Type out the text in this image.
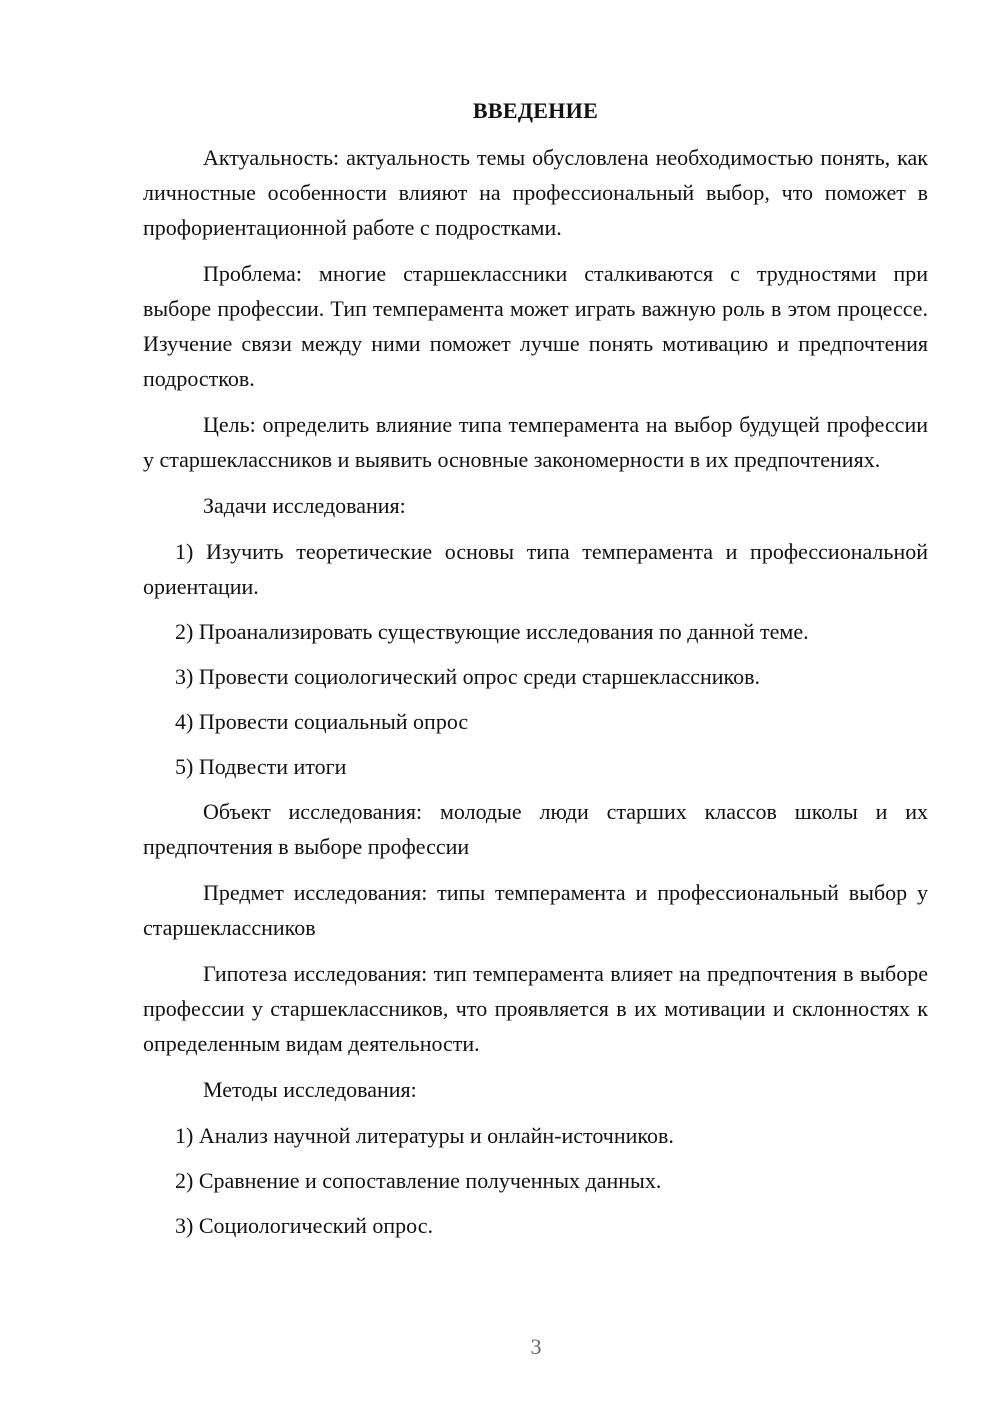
ВВЕДЕНИЕ

Актуальность: актуальность темы обусловлена необходимостью понять, как личностные особенности влияют на профессиональный выбор, что поможет в профориентационной работе с подростками.

Проблема: многие старшеклассники сталкиваются с трудностями при выборе профессии. Тип темперамента может играть важную роль в этом процессе. Изучение связи между ними поможет лучше понять мотивацию и предпочтения подростков.

Цель: определить влияние типа темперамента на выбор будущей профессии у старшеклассников и выявить основные закономерности в их предпочтениях.

Задачи исследования:

1) Изучить теоретические основы типа темперамента и профессиональной ориентации.

2) Проанализировать существующие исследования по данной теме.

3) Провести социологический опрос среди старшеклассников.

4) Провести социальный опрос

5) Подвести итоги

Объект исследования: молодые люди старших классов школы и их предпочтения в выборе профессии

Предмет исследования: типы темперамента и профессиональный выбор у старшеклассников

Гипотеза исследования: тип темперамента влияет на предпочтения в выборе профессии у старшеклассников, что проявляется в их мотивации и склонностях к определенным видам деятельности.

Методы исследования:

1) Анализ научной литературы и онлайн-источников.

2) Сравнение и сопоставление полученных данных.

3) Социологический опрос.

3
